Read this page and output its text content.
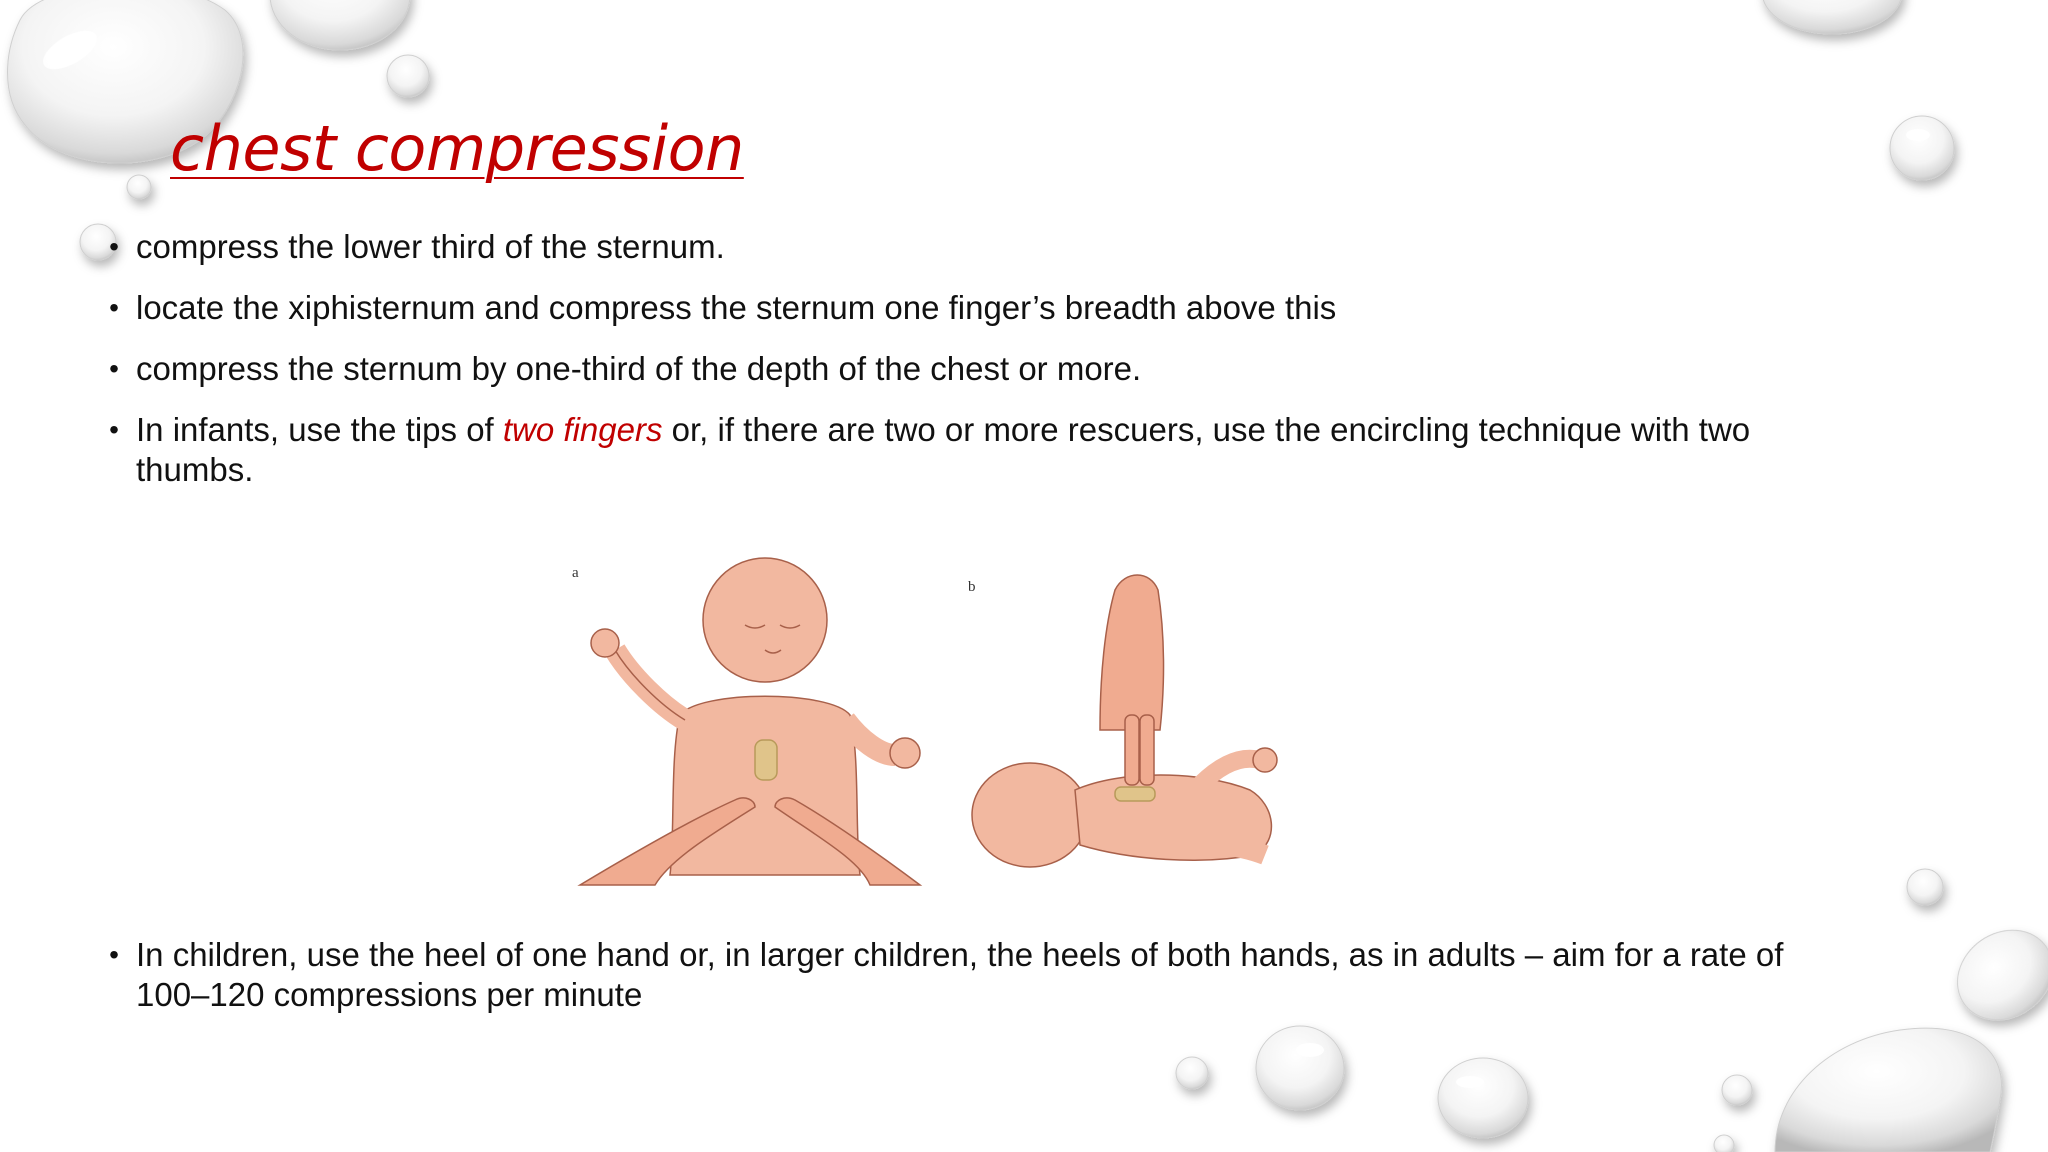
chest compression
• compress the lower third of the sternum.
• locate the xiphisternum and compress the sternum one finger’s breadth above this
• compress the sternum by one-third of the depth of the chest or more.
• In infants, use the tips of two fingers or, if there are two or more rescuers, use the encircling technique with two thumbs.
• In children, use the heel of one hand or, in larger children, the heels of both hands, as in adults – aim for a rate of 100–120 compressions per minute
a
b
